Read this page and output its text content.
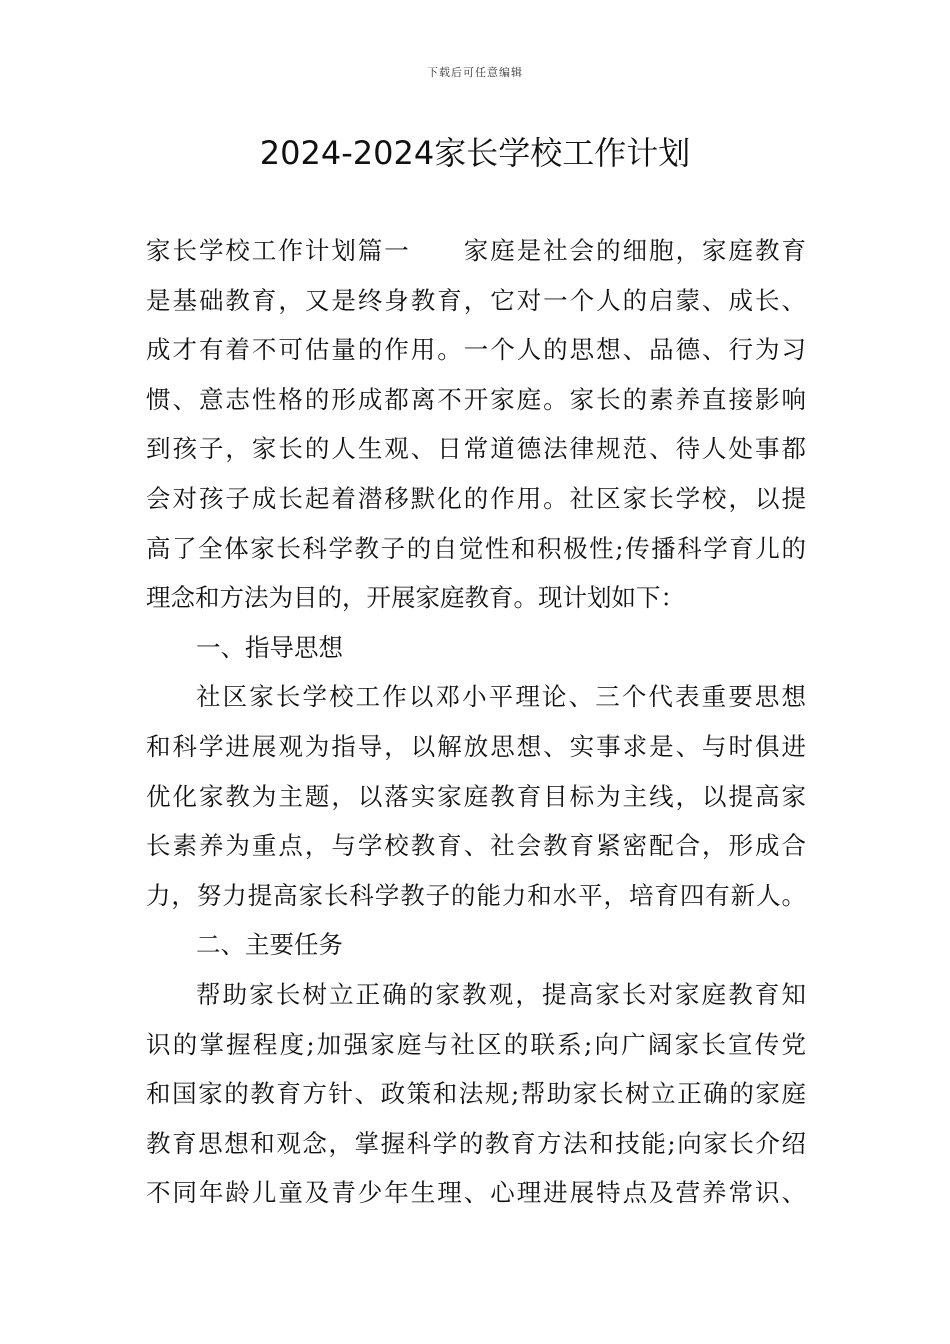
下载后可任意编辑
2024-2024家长学校工作计划
家长学校工作计划篇一　　家庭是社会的细胞，家庭教育
是基础教育，又是终身教育，它对一个人的启蒙、成长、
成才有着不可估量的作用。一个人的思想、品德、行为习
惯、意志性格的形成都离不开家庭。家长的素养直接影响
到孩子，家长的人生观、日常道德法律规范、待人处事都
会对孩子成长起着潜移默化的作用。社区家长学校，以提
高了全体家长科学教子的自觉性和积极性;传播科学育儿的
理念和方法为目的，开展家庭教育。现计划如下：
一、指导思想
社区家长学校工作以邓小平理论、三个代表重要思想
和科学进展观为指导，以解放思想、实事求是、与时俱进
优化家教为主题，以落实家庭教育目标为主线，以提高家
长素养为重点，与学校教育、社会教育紧密配合，形成合
力，努力提高家长科学教子的能力和水平，培育四有新人。
二、主要任务
帮助家长树立正确的家教观，提高家长对家庭教育知
识的掌握程度;加强家庭与社区的联系;向广阔家长宣传党
和国家的教育方针、政策和法规;帮助家长树立正确的家庭
教育思想和观念，掌握科学的教育方法和技能;向家长介绍
不同年龄儿童及青少年生理、心理进展特点及营养常识、
